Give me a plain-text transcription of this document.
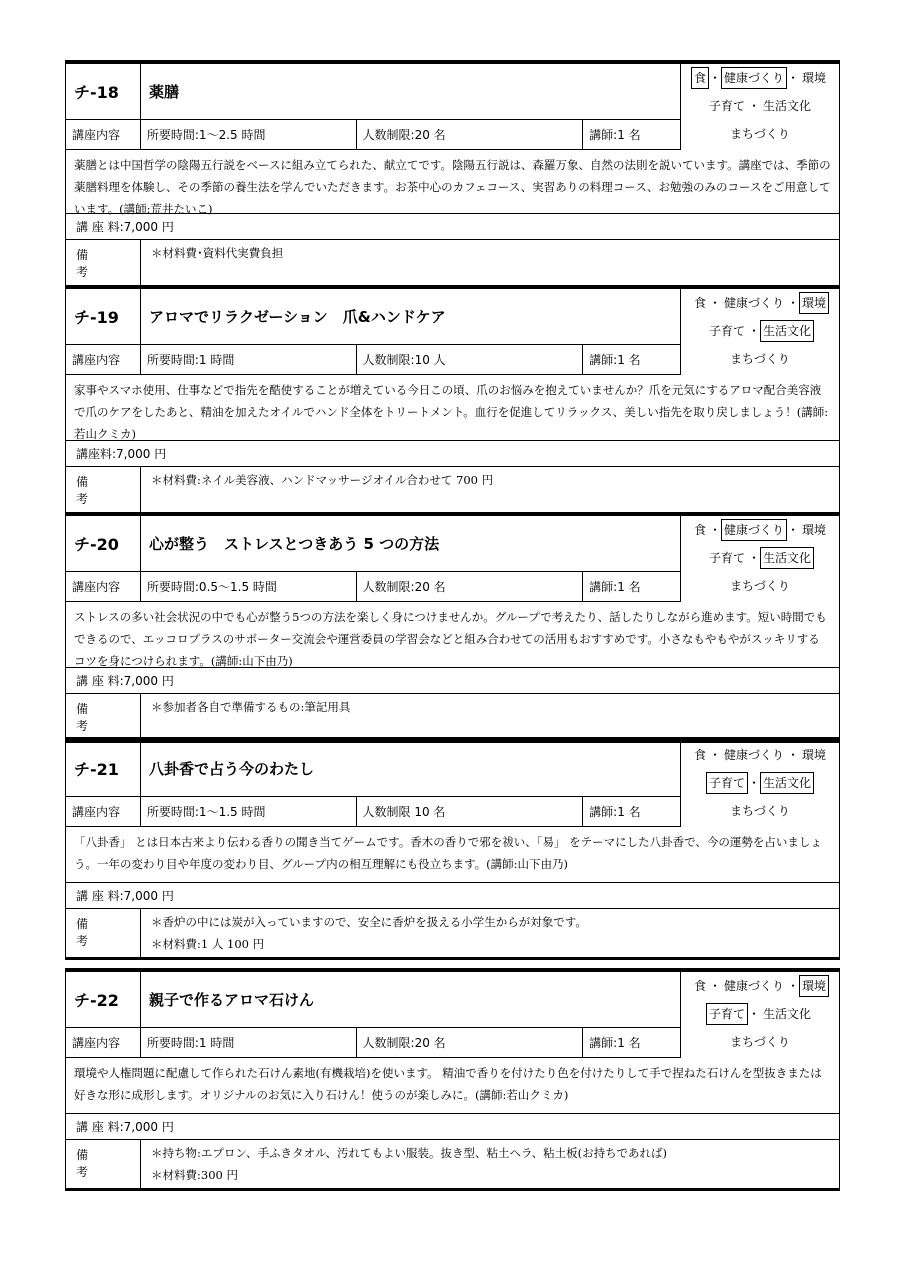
チ-18	薬膳
講座内容	所要時間:1〜2.5 時間	人数制限:20 名	講師:1 名
食 ・ 健康づくり ・ 環境
子育て ・ 生活文化
まちづくり
薬膳とは中国哲学の陰陽五行説をベースに組み立てられた、献立てです。陰陽五行説は、森羅万象、自然の法則を説いています。講座では、季節の薬膳料理を体験し、その季節の養生法を学んでいただきます。お茶中心のカフェコース、実習ありの料理コース、お勉強のみのコースをご用意しています。(講師:荒井たいこ)
講 座 料:7,000 円
備考
＊材料費･資料代実費負担
チ-19	アロマでリラクゼーション　爪&ハンドケア
講座内容	所要時間:1 時間	人数制限:10 人	講師:1 名
食 ・ 健康づくり ・ 環境
子育て ・ 生活文化
まちづくり
家事やスマホ使用、仕事などで指先を酷使することが増えている今日この頃、爪のお悩みを抱えていませんか？爪を元気にするアロマ配合美容液で爪のケアをしたあと、精油を加えたオイルでハンド全体をトリートメント。血行を促進してリラックス、美しい指先を取り戻しましょう！(講師:若山クミカ)
講座料:7,000 円
備考
＊材料費:ネイル美容液、ハンドマッサージオイル合わせて 700 円
チ-20	心が整う　ストレスとつきあう 5 つの方法
講座内容	所要時間:0.5〜1.5 時間	人数制限:20 名	講師:1 名
食 ・ 健康づくり ・ 環境
子育て ・ 生活文化
まちづくり
ストレスの多い社会状況の中でも心が整う5つの方法を楽しく身につけませんか。グループで考えたり、話したりしながら進めます。短い時間でもできるので、エッコロプラスのサポーター交流会や運営委員の学習会などと組み合わせての活用もおすすめです。小さなもやもやがスッキリするコツを身につけられます。(講師:山下由乃)
講 座 料:7,000 円
備考
＊参加者各自で準備するもの:筆記用具
チ-21	八卦香で占う今のわたし
講座内容	所要時間:1〜1.5 時間	人数制限 10 名	講師:1 名
食 ・ 健康づくり ・ 環境
子育て ・ 生活文化
まちづくり
「八卦香」 とは日本古来より伝わる香りの聞き当てゲームです。香木の香りで邪を祓い、「易」 をテーマにした八卦香で、今の運勢を占いましょう。一年の変わり目や年度の変わり目、グループ内の相互理解にも役立ちます。(講師:山下由乃)
講 座 料:7,000 円
備考
＊香炉の中には炭が入っていますので、安全に香炉を扱える小学生からが対象です。
＊材料費:1 人 100 円
チ-22	親子で作るアロマ石けん
講座内容	所要時間:1 時間	人数制限:20 名	講師:1 名
食 ・ 健康づくり ・ 環境
子育て ・ 生活文化
まちづくり
環境や人権問題に配慮して作られた石けん素地(有機栽培)を使います。 精油で香りを付けたり色を付けたりして手で捏ねた石けんを型抜きまたは好きな形に成形します。オリジナルのお気に入り石けん！使うのが楽しみに。(講師:若山クミカ)
講 座 料:7,000 円
備考
＊持ち物:エプロン、手ふきタオル、汚れてもよい服装。抜き型、粘土ヘラ、粘土板(お持ちであれば)
＊材料費:300 円
